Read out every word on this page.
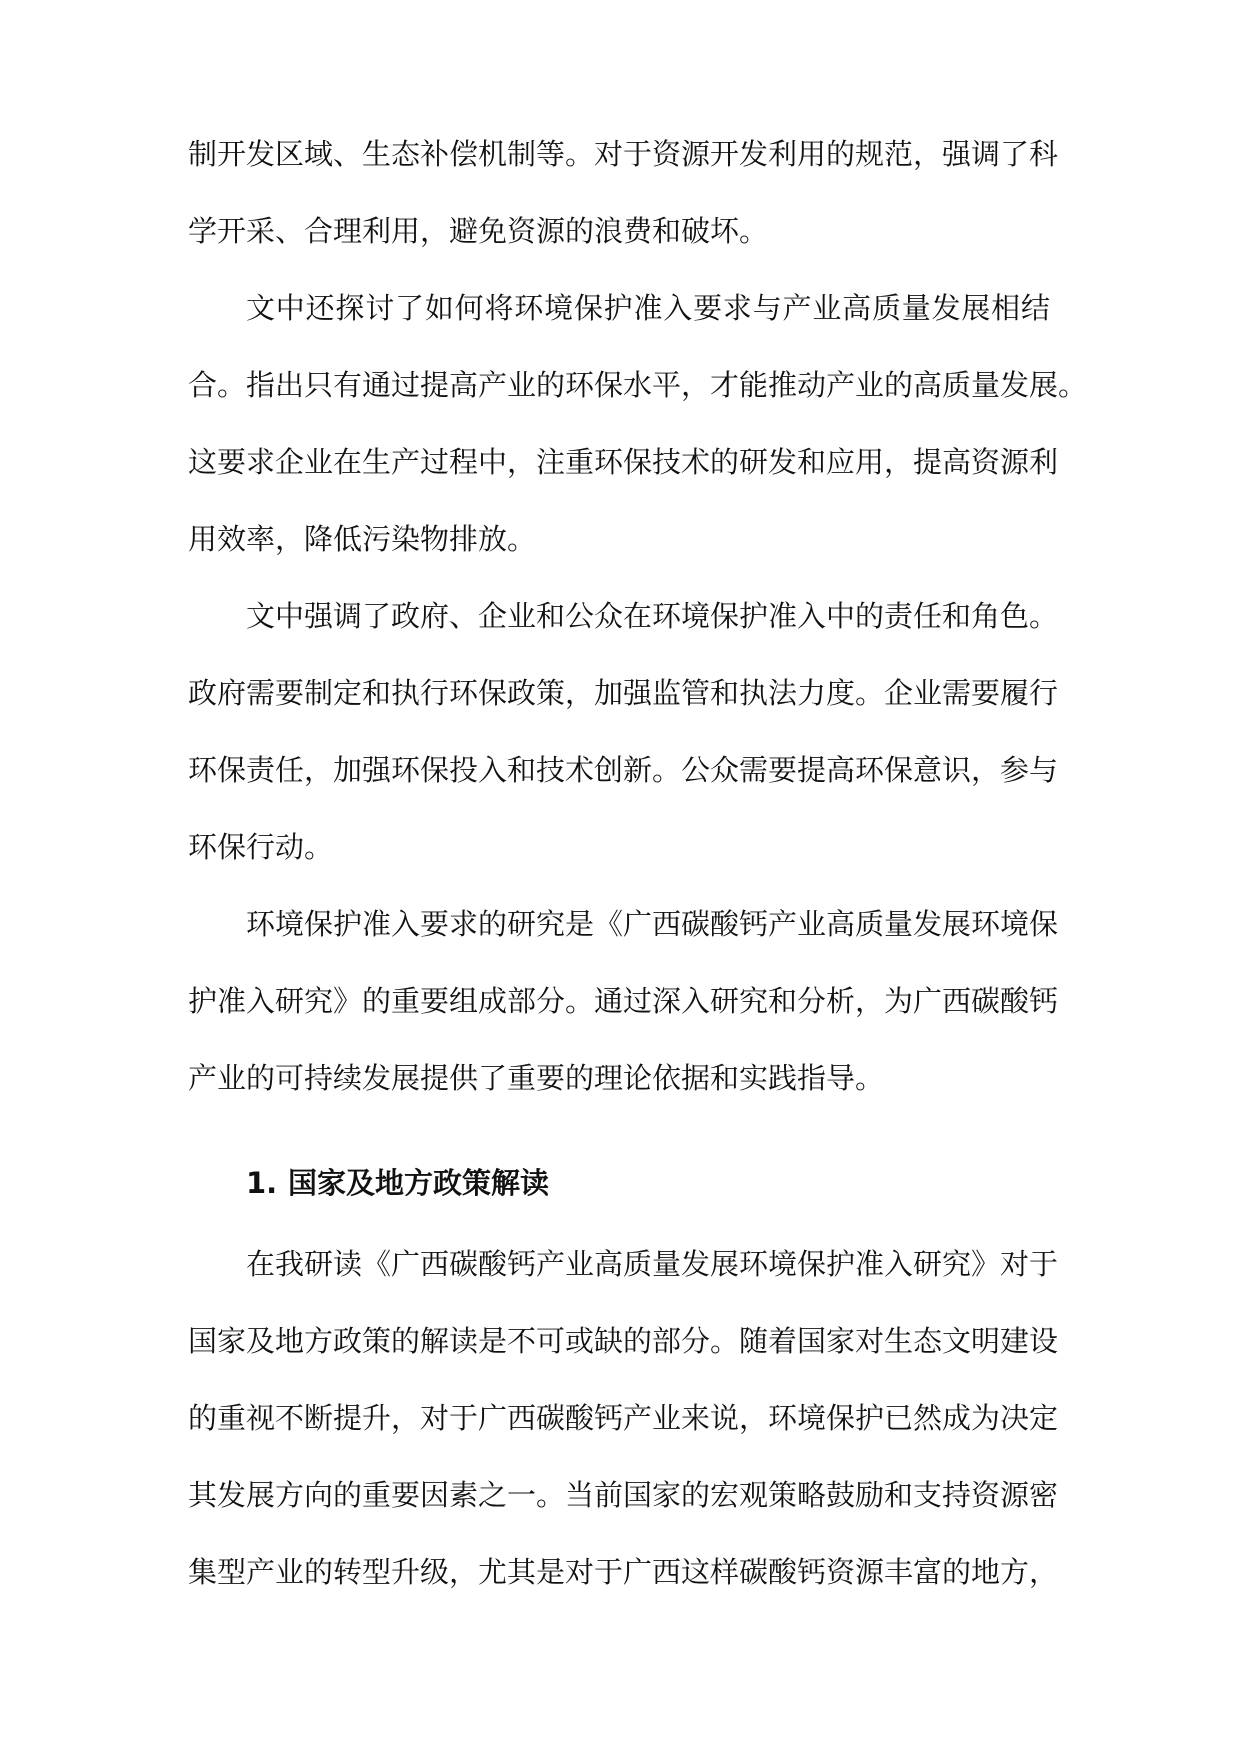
制开发区域、生态补偿机制等。对于资源开发利用的规范，强调了科
学开采、合理利用，避免资源的浪费和破坏。
文中还探讨了如何将环境保护准入要求与产业高质量发展相结
合。指出只有通过提高产业的环保水平，才能推动产业的高质量发展。
这要求企业在生产过程中，注重环保技术的研发和应用，提高资源利
用效率，降低污染物排放。
文中强调了政府、企业和公众在环境保护准入中的责任和角色。
政府需要制定和执行环保政策，加强监管和执法力度。企业需要履行
环保责任，加强环保投入和技术创新。公众需要提高环保意识，参与
环保行动。
环境保护准入要求的研究是《广西碳酸钙产业高质量发展环境保
护准入研究》的重要组成部分。通过深入研究和分析，为广西碳酸钙
产业的可持续发展提供了重要的理论依据和实践指导。
1. 国家及地方政策解读
在我研读《广西碳酸钙产业高质量发展环境保护准入研究》对于
国家及地方政策的解读是不可或缺的部分。随着国家对生态文明建设
的重视不断提升，对于广西碳酸钙产业来说，环境保护已然成为决定
其发展方向的重要因素之一。当前国家的宏观策略鼓励和支持资源密
集型产业的转型升级，尤其是对于广西这样碳酸钙资源丰富的地方，
